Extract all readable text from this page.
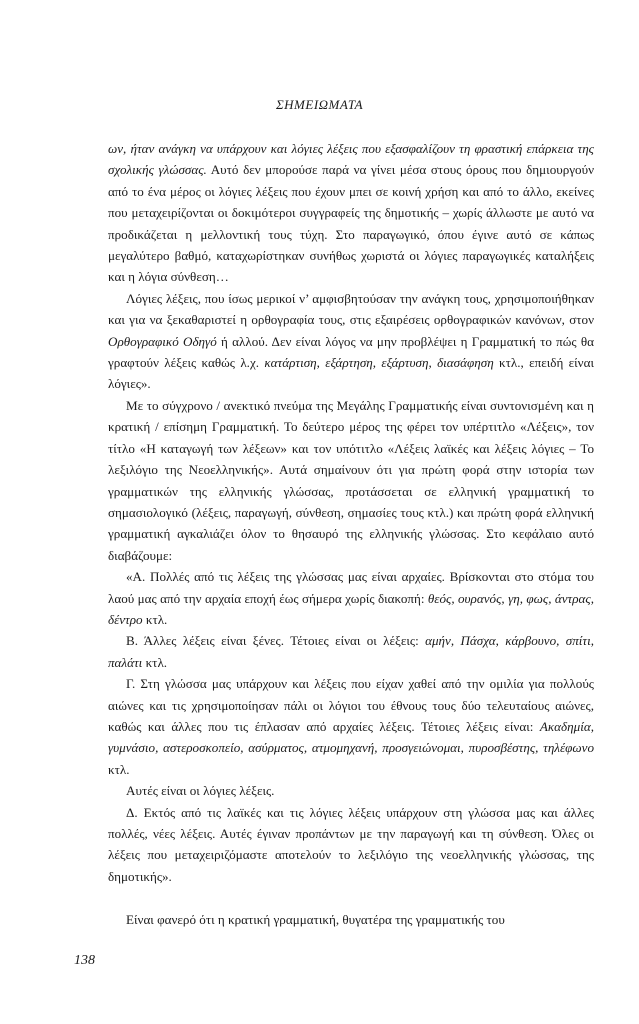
ΣΗΜΕΙΩΜΑΤΑ

ων, ήταν ανάγκη να υπάρχουν και λόγιες λέξεις που εξασφαλίζουν τη φραστική επάρκεια της σχολικής γλώσσας. Αυτό δεν μπορούσε παρά να γίνει μέσα στους όρους που δημιουργούν από το ένα μέρος οι λόγιες λέξεις που έχουν μπει σε κοινή χρήση και από το άλλο, εκείνες που μεταχειρίζονται οι δοκιμότεροι συγγραφείς της δημοτικής – χωρίς άλλωστε με αυτό να προδικάζεται η μελλοντική τους τύχη. Στο παραγωγικό, όπου έγινε αυτό σε κάπως μεγαλύτερο βαθμό, καταχωρίστηκαν συνήθως χωριστά οι λόγιες παραγωγικές καταλήξεις και η λόγια σύνθεση…

Λόγιες λέξεις, που ίσως μερικοί ν’ αμφισβητούσαν την ανάγκη τους, χρησιμοποιήθηκαν και για να ξεκαθαριστεί η ορθογραφία τους, στις εξαιρέσεις ορθογραφικών κανόνων, στον Ορθογραφικό Οδηγό ή αλλού. Δεν είναι λόγος να μην προβλέψει η Γραμματική το πώς θα γραφτούν λέξεις καθώς λ.χ. κατάρτιση, εξάρτηση, εξάρτυση, διασάφηση κτλ., επειδή είναι λόγιες».

Με το σύγχρονο / ανεκτικό πνεύμα της Μεγάλης Γραμματικής είναι συντονισμένη και η κρατική / επίσημη Γραμματική. Το δεύτερο μέρος της φέρει τον υπέρτιτλο «Λέξεις», τον τίτλο «Η καταγωγή των λέξεων» και τον υπότιτλο «Λέξεις λαϊκές και λέξεις λόγιες – Το λεξιλόγιο της Νεοελληνικής». Αυτά σημαίνουν ότι για πρώτη φορά στην ιστορία των γραμματικών της ελληνικής γλώσσας, προτάσσεται σε ελληνική γραμματική το σημασιολογικό (λέξεις, παραγωγή, σύνθεση, σημασίες τους κτλ.) και πρώτη φορά ελληνική γραμματική αγκαλιάζει όλον το θησαυρό της ελληνικής γλώσσας. Στο κεφάλαιο αυτό διαβάζουμε:

«Α. Πολλές από τις λέξεις της γλώσσας μας είναι αρχαίες. Βρίσκονται στο στόμα του λαού μας από την αρχαία εποχή έως σήμερα χωρίς διακοπή: θεός, ουρανός, γη, φως, άντρας, δέντρο κτλ.

Β. Άλλες λέξεις είναι ξένες. Τέτοιες είναι οι λέξεις: αμήν, Πάσχα, κάρβουνο, σπίτι, παλάτι κτλ.

Γ. Στη γλώσσα μας υπάρχουν και λέξεις που είχαν χαθεί από την ομιλία για πολλούς αιώνες και τις χρησιμοποίησαν πάλι οι λόγιοι του έθνους τους δύο τελευταίους αιώνες, καθώς και άλλες που τις έπλασαν από αρχαίες λέξεις. Τέτοιες λέξεις είναι: Ακαδημία, γυμνάσιο, αστεροσκοπείο, ασύρματος, ατμομηχανή, προσγειώνομαι, πυροσβέστης, τηλέφωνο κτλ.

Αυτές είναι οι λόγιες λέξεις.

Δ. Εκτός από τις λαϊκές και τις λόγιες λέξεις υπάρχουν στη γλώσσα μας και άλλες πολλές, νέες λέξεις. Αυτές έγιναν προπάντων με την παραγωγή και τη σύνθεση. Όλες οι λέξεις που μεταχειριζόμαστε αποτελούν το λεξιλόγιο της νεοελληνικής γλώσσας, της δημοτικής».

Είναι φανερό ότι η κρατική γραμματική, θυγατέρα της γραμματικής του

138
